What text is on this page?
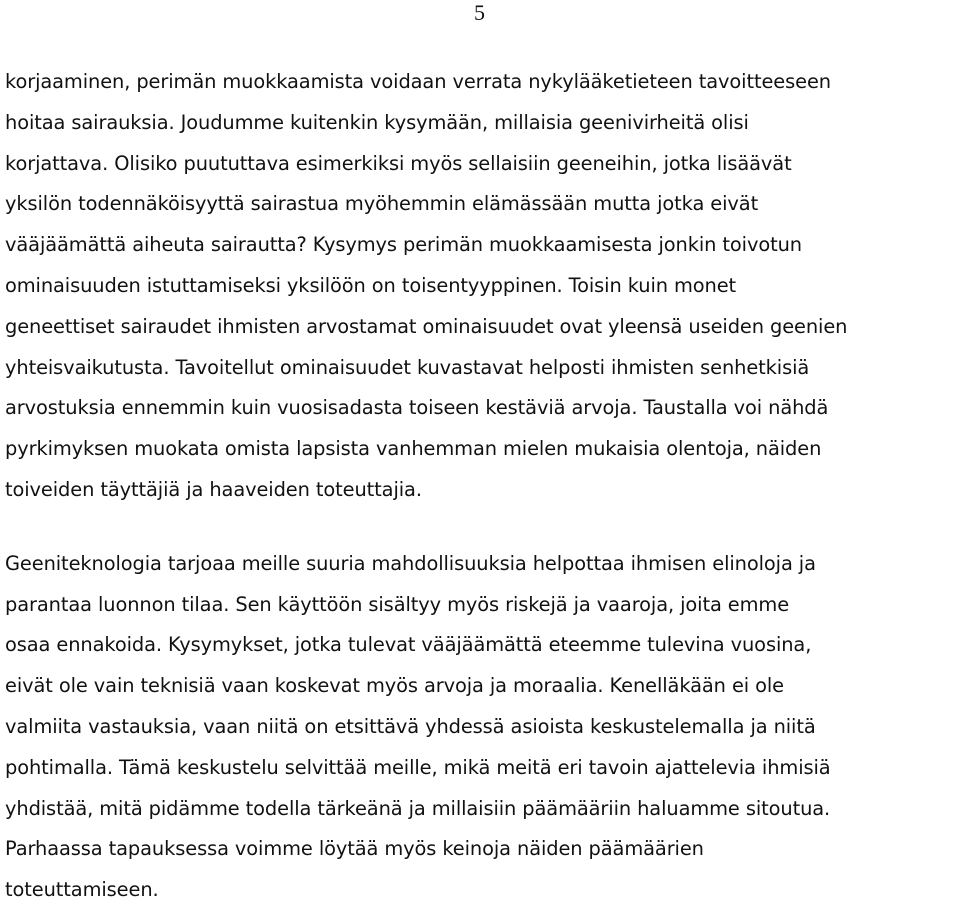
5
korjaaminen, perimän muokkaamista voidaan verrata nykylääketieteen tavoitteeseen
hoitaa sairauksia. Joudumme kuitenkin kysymään, millaisia geenivirheitä olisi
korjattava. Olisiko puututtava esimerkiksi myös sellaisiin geeneihin, jotka lisäävät
yksilön todennäköisyyttä sairastua myöhemmin elämässään mutta jotka eivät
vääjäämättä aiheuta sairautta? Kysymys perimän muokkaamisesta jonkin toivotun
ominaisuuden istuttamiseksi yksilöön on toisentyyppinen. Toisin kuin monet
geneettiset sairaudet ihmisten arvostamat ominaisuudet ovat yleensä useiden geenien
yhteisvaikutusta. Tavoitellut ominaisuudet kuvastavat helposti ihmisten senhetkisiä
arvostuksia ennemmin kuin vuosisadasta toiseen kestäviä arvoja. Taustalla voi nähdä
pyrkimyksen muokata omista lapsista vanhemman mielen mukaisia olentoja, näiden
toiveiden täyttäjiä ja haaveiden toteuttajia.
Geeniteknologia tarjoaa meille suuria mahdollisuuksia helpottaa ihmisen elinoloja ja
parantaa luonnon tilaa. Sen käyttöön sisältyy myös riskejä ja vaaroja, joita emme
osaa ennakoida. Kysymykset, jotka tulevat vääjäämättä eteemme tulevina vuosina,
eivät ole vain teknisiä vaan koskevat myös arvoja ja moraalia. Kenelläkään ei ole
valmiita vastauksia, vaan niitä on etsittävä yhdessä asioista keskustelemalla ja niitä
pohtimalla. Tämä keskustelu selvittää meille, mikä meitä eri tavoin ajattelevia ihmisiä
yhdistää, mitä pidämme todella tärkeänä ja millaisiin päämääriin haluamme sitoutua.
Parhaassa tapauksessa voimme löytää myös keinoja näiden päämäärien
toteuttamiseen.
